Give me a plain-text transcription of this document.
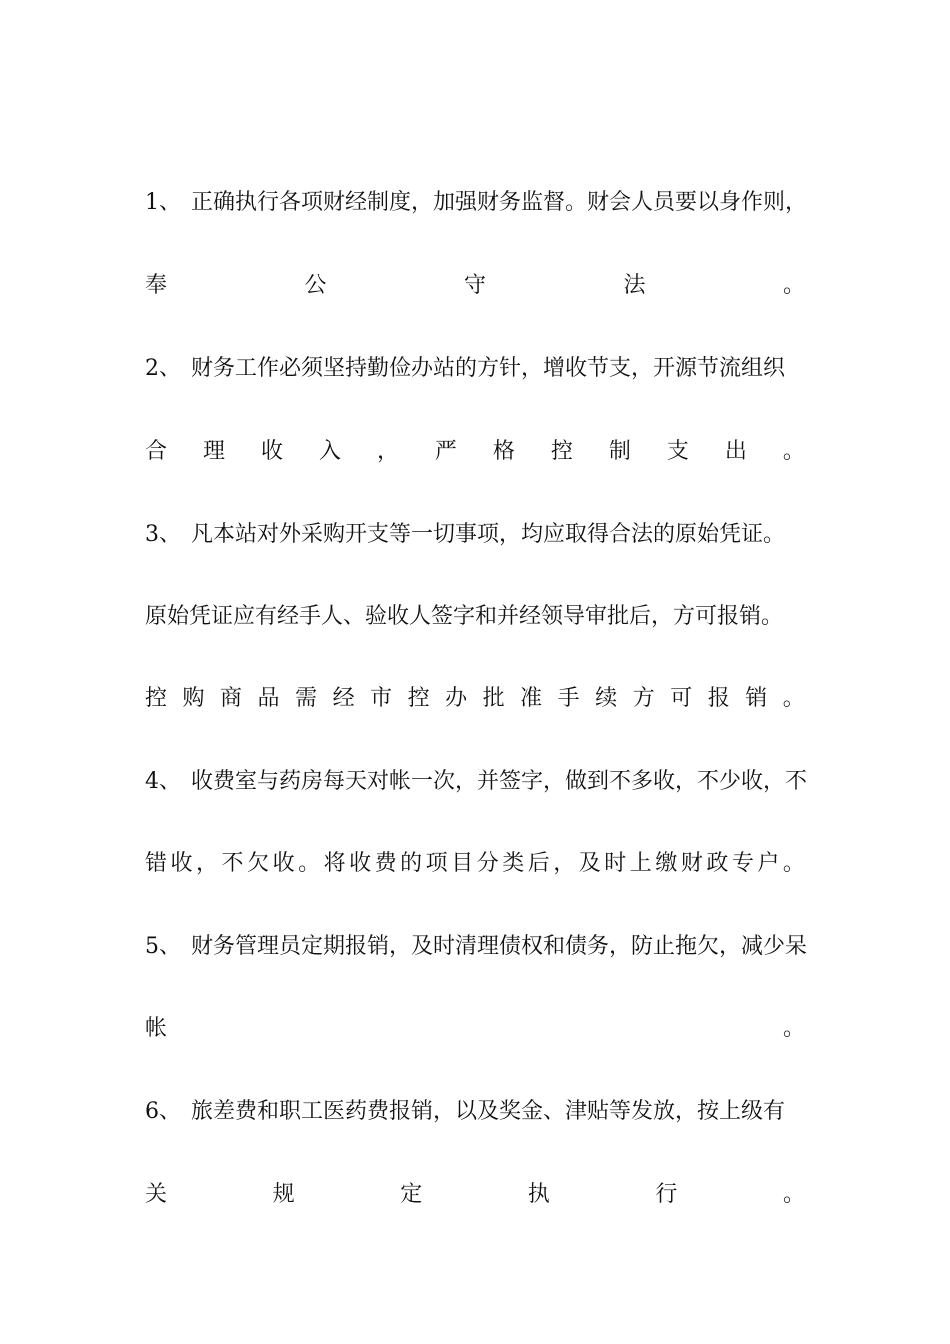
1、 正确执行各项财经制度，加强财务监督。财会人员要以身作则，
奉	公	守	法	。
2、 财务工作必须坚持勤俭办站的方针，增收节支，开源节流组织
合 理 收 入 ， 严 格 控 制 支 出 。
3、 凡本站对外采购开支等一切事项，均应取得合法的原始凭证。
原始凭证应有经手人、验收人签字和并经领导审批后，方可报销。
控 购 商 品 需 经 市 控 办 批 准 手 续 方 可 报 销 。
4、 收费室与药房每天对帐一次，并签字，做到不多收，不少收，不
错 收 ， 不 欠 收 。 将 收 费 的 项 目 分 类 后 ， 及 时 上 缴 财 政 专 户 。
5、 财务管理员定期报销，及时清理债权和债务，防止拖欠，减少呆
帐	。
6、 旅差费和职工医药费报销，以及奖金、津贴等发放，按上级有
关	规	定	执	行	。
